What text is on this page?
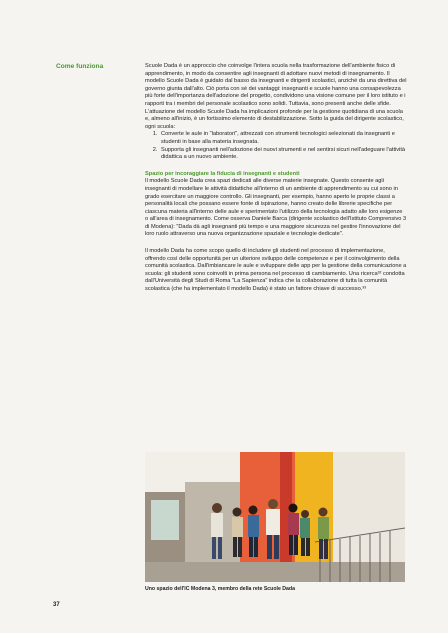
Come funziona	Scuole Dada è un approccio che coinvolge l'intera scuola nella trasformazione dell'ambiente fisico di apprendimento, in modo da consentire agli insegnanti di adottare nuovi metodi di insegnamento. Il modello Scuole Dada è guidato dal basso da insegnanti e dirigenti scolastici, anziché da una direttiva del governo giunta dall'alto. Ciò porta con sé dei vantaggi: insegnanti e scuole hanno una consapevolezza più forte dell'importanza dell'adozione del progetto, condividono una visione comune per il loro istituto e i rapporti tra i membri del personale scolastico sono solidi. Tuttavia, sono presenti anche delle sfide. L'attuazione del modello Scuole Dada ha implicazioni profonde per la gestione quotidiana di una scuola e, almeno all'inizio, è un fortissimo elemento di destabilizzazione. Sotto la guida del dirigente scolastico, ogni scuola:

1. Converte le aule in "laboratori", attrezzati con strumenti tecnologici selezionati da insegnanti e studenti in base alla materia insegnata.
2. Supporta gli insegnanti nell'adozione dei nuovi strumenti e nel sentirsi sicuri nell'adeguare l'attività didattica a un nuovo ambiente.

Spazio per incoraggiare la fiducia di insegnanti e studenti

Il modello Scuole Dada crea spazi dedicati alle diverse materie insegnate. Questo consente agli insegnanti di modellare le attività didattiche all'interno di un ambiente di apprendimento su cui sono in grado esercitare un maggiore controllo. Gli insegnanti, per esempio, hanno aperto le proprie classi a personalità locali che possano essere fonte di ispirazione, hanno creato delle librerie specifiche per ciascuna materia all'interno delle aule e sperimentato l'utilizzo della tecnologia adatto alle loro esigenze o all'area di insegnamento. Come osserva Daniele Barca (dirigente scolastico dell'Istituto Comprensivo 3 di Modena): "Dada dà agli insegnanti più tempo e una maggiore sicurezza nel gestire l'innovazione del loro ruolo attraverso una nuova organizzazione spaziale e tecnologie dedicate".

Il modello Dada ha come scopo quello di includere gli studenti nel processo di implementazione, offrendo così delle opportunità per un ulteriore sviluppo delle competenze e per il coinvolgimento della comunità scolastica. Dall'imbiancare le aule e sviluppare delle app per la gestione della comunicazione a scuola: gli studenti sono coinvolti in prima persona nel processo di cambiamento. Una ricerca³² condotta dall'Università degli Studi di Roma "La Sapienza" indica che la collaborazione di tutta la comunità scolastica (che ha implementato il modello Dada) è stato un fattore chiave di successo.³³

Uno spazio dell'IC Modena 3, membro della rete Scuole Dada
37
